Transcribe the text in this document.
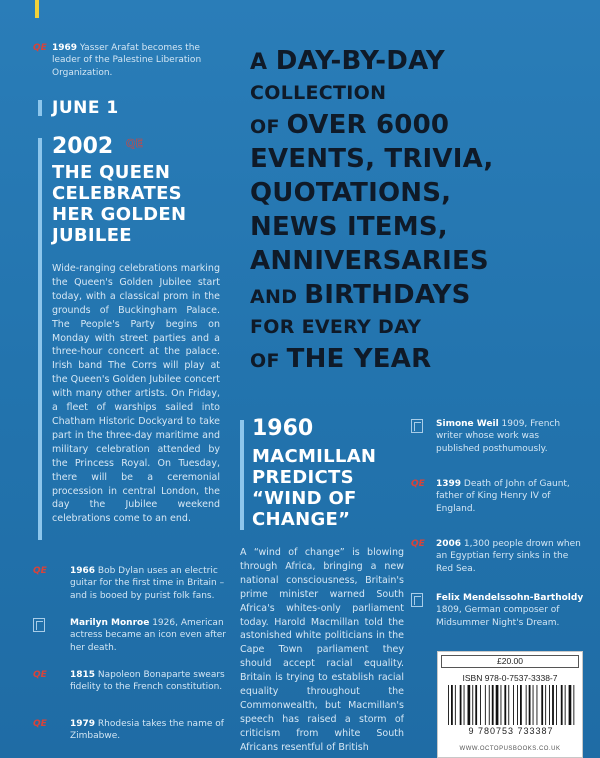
QE 1969 Yasser Arafat becomes the leader of the Palestine Liberation Organization.
JUNE 1
2002 QE
THE QUEEN
CELEBRATES
HER GOLDEN
JUBILEE
Wide-ranging celebrations marking the Queen's Golden Jubilee start today, with a classical prom in the grounds of Buckingham Palace. The People's Party begins on Monday with street parties and a three-hour concert at the palace. Irish band The Corrs will play at the Queen's Golden Jubilee concert with many other artists. On Friday, a fleet of warships sailed into Chatham Historic Dockyard to take part in the three-day maritime and military celebration attended by the Princess Royal. On Tuesday, there will be a ceremonial procession in central London, the day the Jubilee weekend celebrations come to an end.
QE	1966 Bob Dylan uses an electric guitar for the first time in Britain – and is booed by purist folk fans.
Marilyn Monroe 1926, American actress became an icon even after her death.
QE	1815 Napoleon Bonaparte swears fidelity to the French constitution.
QE	1979 Rhodesia takes the name of Zimbabwe.
A DAY-BY-DAY
COLLECTION
OF OVER 6000
EVENTS, TRIVIA,
QUOTATIONS,
NEWS ITEMS,
ANNIVERSARIES
AND BIRTHDAYS
FOR EVERY DAY
OF THE YEAR
1960
MACMILLAN
PREDICTS
“WIND OF
CHANGE”
A “wind of change” is blowing through Africa, bringing a new national consciousness, Britain's prime minister warned South Africa's whites-only parliament today. Harold Macmillan told the astonished white politicians in the Cape Town parliament they should accept racial equality. Britain is trying to establish racial equality throughout the Commonwealth, but Macmillan's speech has raised a storm of criticism from white South Africans resentful of British
Simone Weil 1909, French writer whose work was published posthumously.
QE	1399 Death of John of Gaunt, father of King Henry IV of England.
QE	2006 1,300 people drown when an Egyptian ferry sinks in the Red Sea.
Felix Mendelssohn-Bartholdy 1809, German composer of Midsummer Night's Dream.
£20.00
ISBN 978-0-7537-3338-7
9 780753 733387
WWW.OCTOPUSBOOKS.CO.UK
